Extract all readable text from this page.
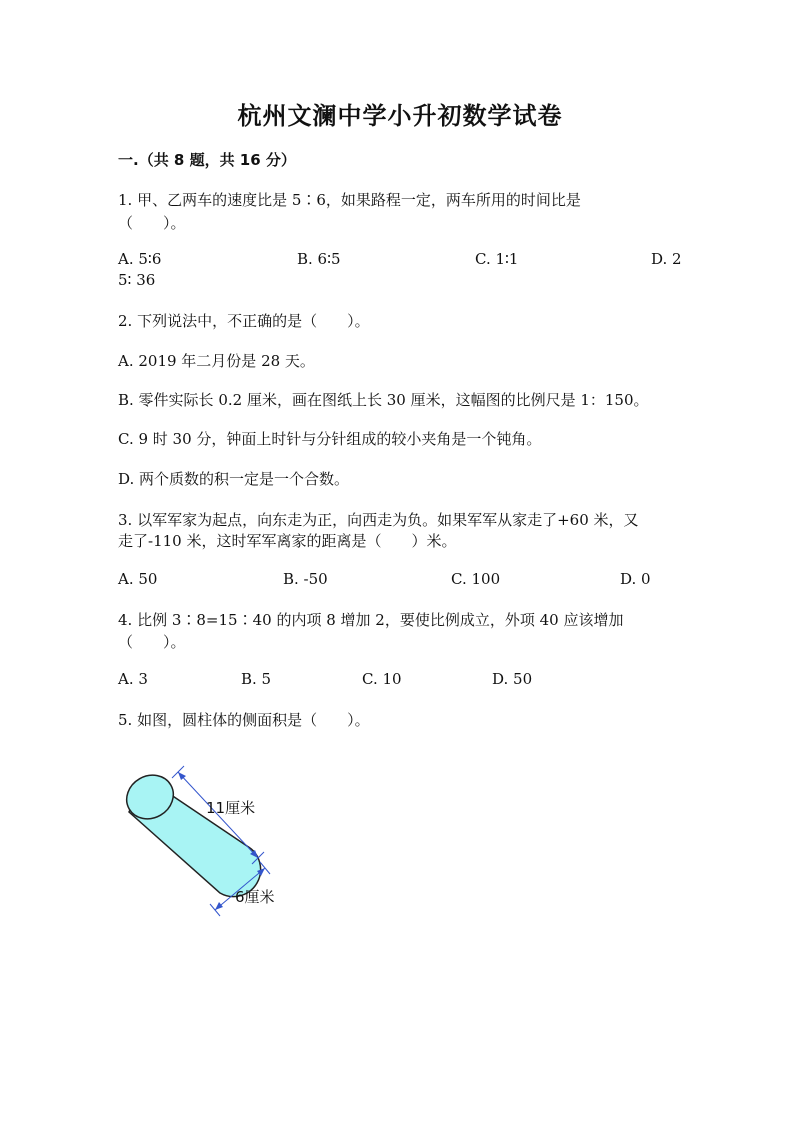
杭州文澜中学小升初数学试卷
一.（共 8 题，共 16 分）
1. 甲、乙两车的速度比是 5∶6，如果路程一定，两车所用的时间比是
（　　）。
A. 5∶6	B. 6∶5	C. 1∶1	D. 2
5∶ 36
2. 下列说法中，不正确的是（　　）。
A. 2019 年二月份是 28 天。
B. 零件实际长 0.2 厘米，画在图纸上长 30 厘米，这幅图的比例尺是 1：150。
C. 9 时 30 分，钟面上时针与分针组成的较小夹角是一个钝角。
D. 两个质数的积一定是一个合数。
3. 以军军家为起点，向东走为正，向西走为负。如果军军从家走了+60 米，又
走了-110 米，这时军军离家的距离是（　　）米。
A. 50	B. -50	C. 100	D. 0
4. 比例 3∶8=15∶40 的内项 8 增加 2，要使比例成立，外项 40 应该增加
（　　）。
A. 3	B. 5	C. 10	D. 50
5. 如图，圆柱体的侧面积是（　　）。
11厘米
6厘米
